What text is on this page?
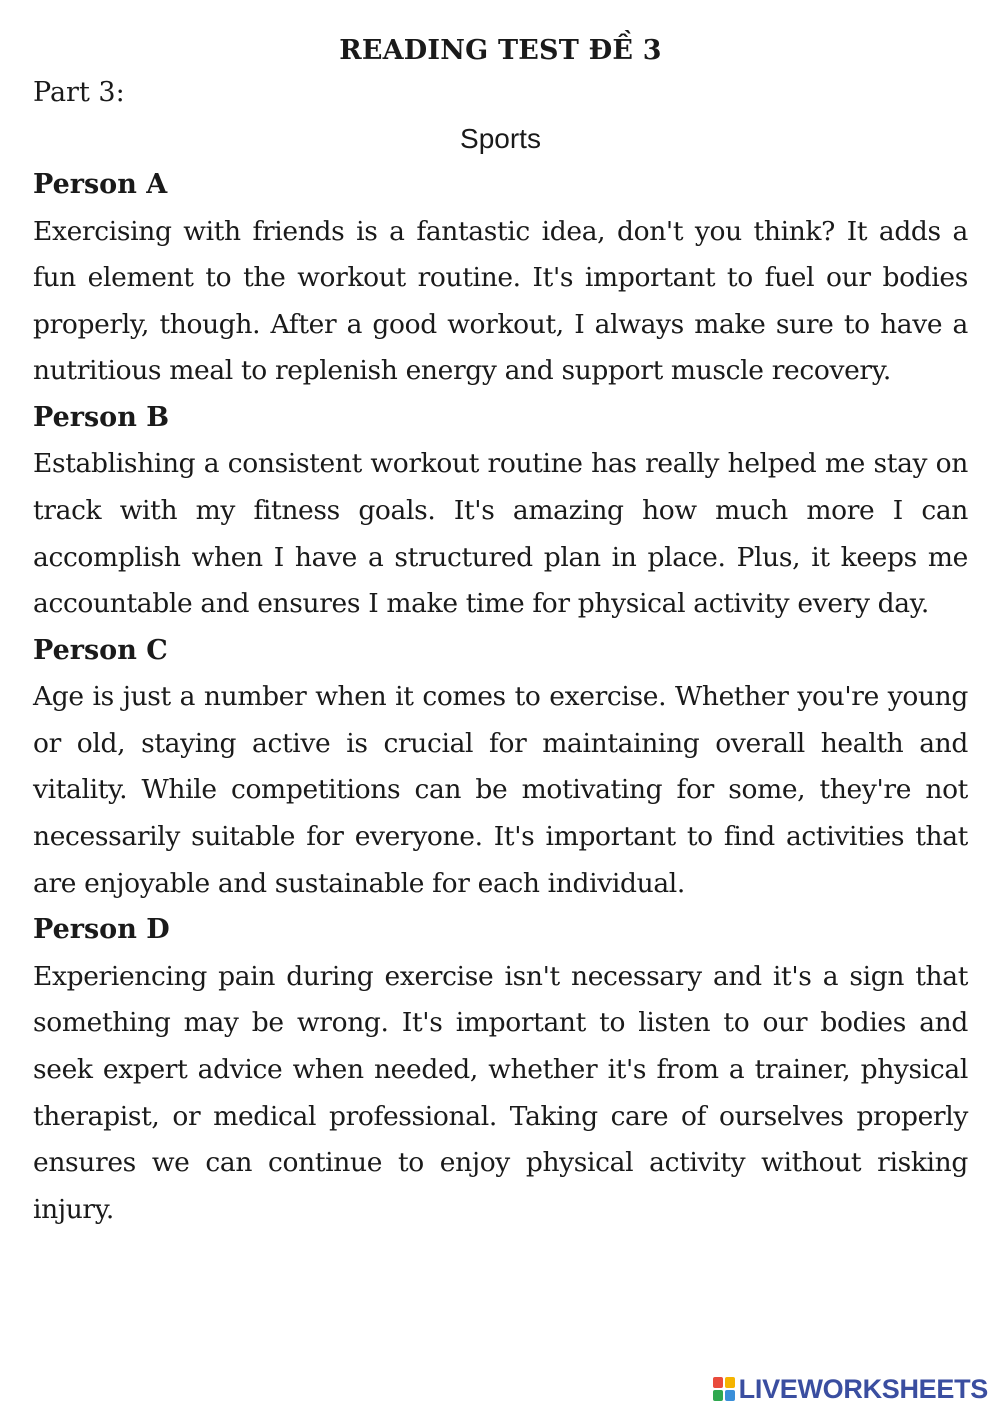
READING TEST ĐỀ 3

Part 3:

Sports

Person A

Exercising with friends is a fantastic idea, don't you think? It adds a fun element to the workout routine. It's important to fuel our bodies properly, though. After a good workout, I always make sure to have a nutritious meal to replenish energy and support muscle recovery.

Person B

Establishing a consistent workout routine has really helped me stay on track with my fitness goals. It's amazing how much more I can accomplish when I have a structured plan in place. Plus, it keeps me accountable and ensures I make time for physical activity every day.

Person C

Age is just a number when it comes to exercise. Whether you're young or old, staying active is crucial for maintaining overall health and vitality. While competitions can be motivating for some, they're not necessarily suitable for everyone. It's important to find activities that are enjoyable and sustainable for each individual.

Person D

Experiencing pain during exercise isn't necessary and it's a sign that something may be wrong. It's important to listen to our bodies and seek expert advice when needed, whether it's from a trainer, physical therapist, or medical professional. Taking care of ourselves properly ensures we can continue to enjoy physical activity without risking injury.

LIVEWORKSHEETS
